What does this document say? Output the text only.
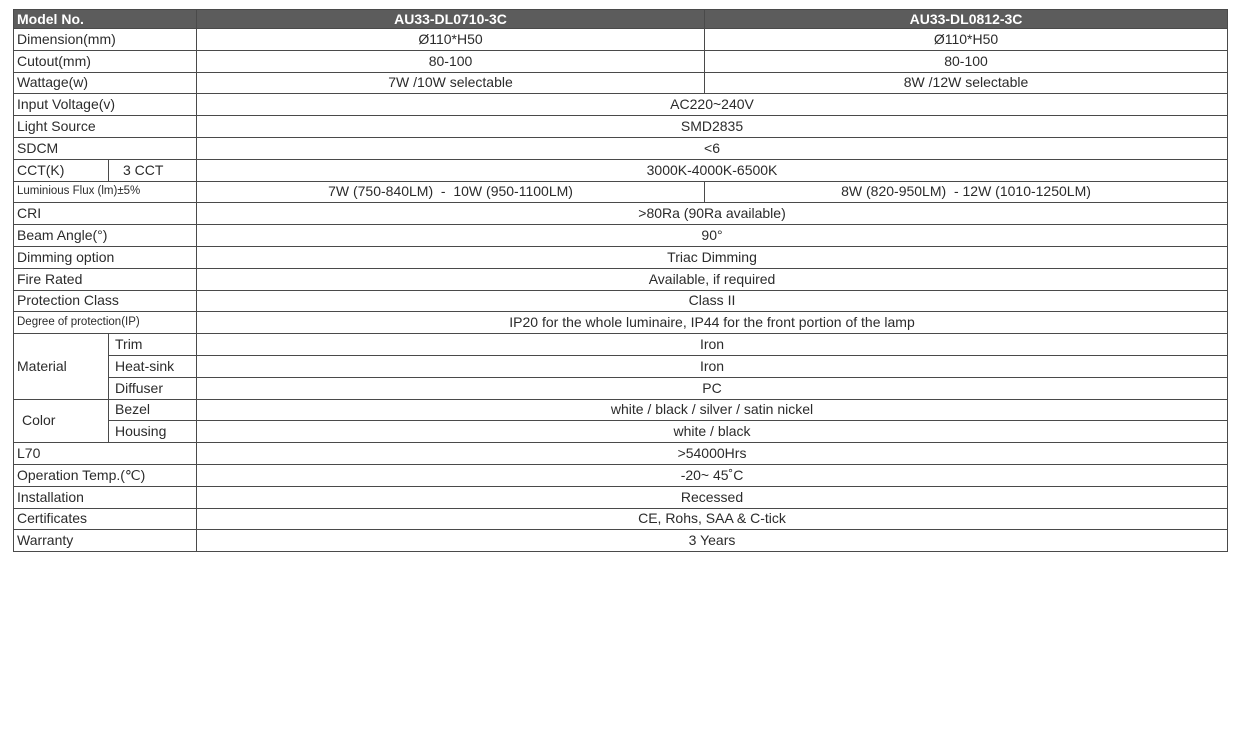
Model No.		AU33-DL0710-3C	AU33-DL0812-3C
Dimension(mm)		Ø110*H50	Ø110*H50
Cutout(mm)		80-100	80-100
Wattage(w)		7W /10W selectable	8W /12W selectable
Input Voltage(v)		AC220~240V	
Light Source		SMD2835	
SDCM		<6	
CCT(K)	3 CCT	3000K-4000K-6500K	
Luminious Flux (lm)±5%		7W (750-840LM)  -  10W (950-1100LM)	8W (820-950LM)  - 12W (1010-1250LM)
CRI		>80Ra (90Ra available)	
Beam Angle(°)		90°	
Dimming option		Triac Dimming	
Fire Rated		Available, if required	
Protection Class		Class II	
Degree of protection(IP)		IP20 for the whole luminaire, IP44 for the front portion of the lamp	
Material	Trim	Iron	
	Heat-sink	Iron	
	Diffuser	PC	
Color	Bezel	white / black / silver / satin nickel	
	Housing	white / black	
L70		>54000Hrs	
Operation Temp.(℃)		-20~ 45˚C	
Installation		Recessed	
Certificates		CE, Rohs, SAA & C-tick	
Warranty		3 Years	
